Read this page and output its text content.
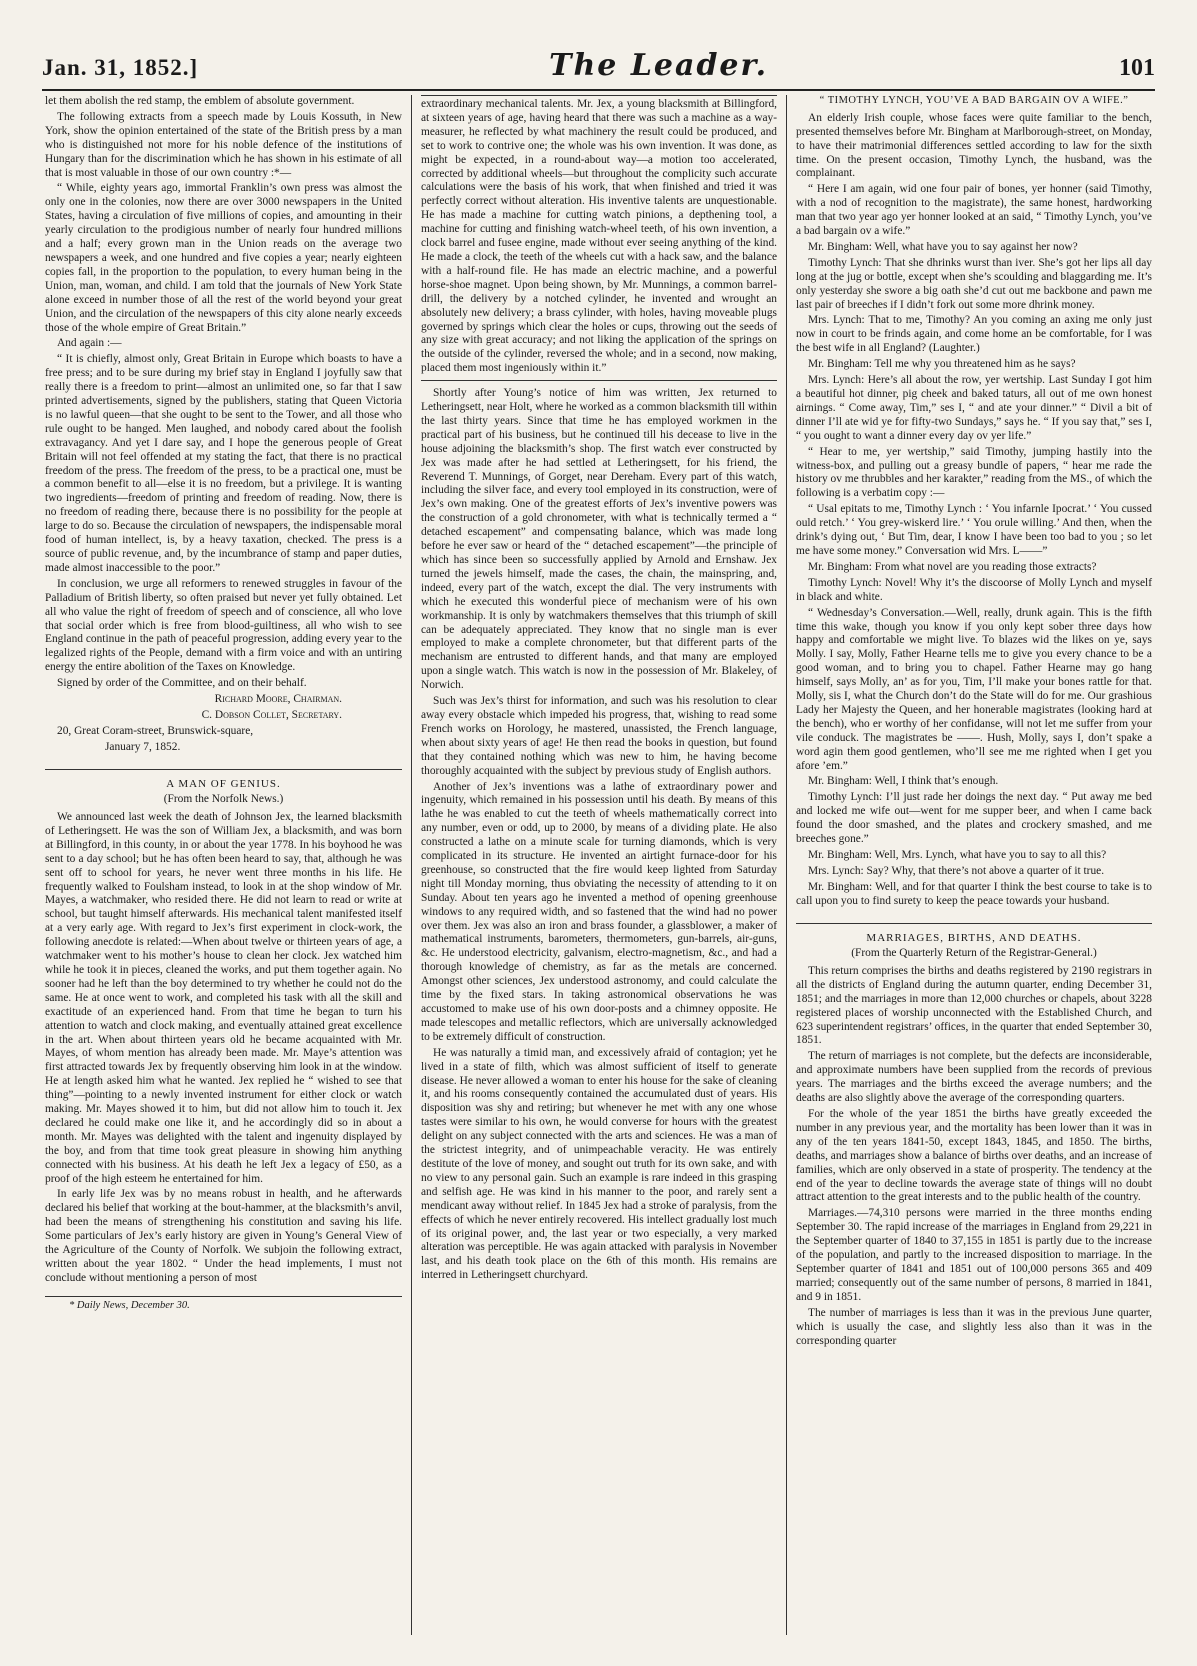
Jan. 31, 1852.]	The Leader.	101

let them abolish the red stamp, the emblem of absolute government.

The following extracts from a speech made by Louis Kossuth, in New York, show the opinion entertained of the state of the British press by a man who is distinguished not more for his noble defence of the institutions of Hungary than for the discrimination which he has shown in his estimate of all that is most valuable in those of our own country :*—

“ While, eighty years ago, immortal Franklin’s own press was almost the only one in the colonies, now there are over 3000 newspapers in the United States, having a circulation of five millions of copies, and amounting in their yearly circulation to the prodigious number of nearly four hundred millions and a half; every grown man in the Union reads on the average two newspapers a week, and one hundred and five copies a year; nearly eighteen copies fall, in the proportion to the population, to every human being in the Union, man, woman, and child. I am told that the journals of New York State alone exceed in number those of all the rest of the world beyond your great Union, and the circulation of the newspapers of this city alone nearly exceeds those of the whole empire of Great Britain.”

And again :—

“ It is chiefly, almost only, Great Britain in Europe which boasts to have a free press; and to be sure during my brief stay in England I joyfully saw that really there is a freedom to print—almost an unlimited one, so far that I saw printed advertisements, signed by the publishers, stating that Queen Victoria is no lawful queen—that she ought to be sent to the Tower, and all those who rule ought to be hanged. Men laughed, and nobody cared about the foolish extravagancy. And yet I dare say, and I hope the generous people of Great Britain will not feel offended at my stating the fact, that there is no practical freedom of the press. The freedom of the press, to be a practical one, must be a common benefit to all—else it is no freedom, but a privilege. It is wanting two ingredients—freedom of printing and freedom of reading. Now, there is no freedom of reading there, because there is no possibility for the people at large to do so. Because the circulation of newspapers, the indispensable moral food of human intellect, is, by a heavy taxation, checked. The press is a source of public revenue, and, by the incumbrance of stamp and paper duties, made almost inaccessible to the poor.”

In conclusion, we urge all reformers to renewed struggles in favour of the Palladium of British liberty, so often praised but never yet fully obtained. Let all who value the right of freedom of speech and of conscience, all who love that social order which is free from blood-guiltiness, all who wish to see England continue in the path of peaceful progression, adding every year to the legalized rights of the People, demand with a firm voice and with an untiring energy the entire abolition of the Taxes on Knowledge.

Signed by order of the Committee, and on their behalf.

Richard Moore, Chairman.

C. Dobson Collet, Secretary.

20, Great Coram-street, Brunswick-square,

January 7, 1852.

A MAN OF GENIUS.

(From the Norfolk News.)

We announced last week the death of Johnson Jex, the learned blacksmith of Letheringsett. He was the son of William Jex, a blacksmith, and was born at Billingford, in this county, in or about the year 1778. In his boyhood he was sent to a day school; but he has often been heard to say, that, although he was sent off to school for years, he never went three months in his life. He frequently walked to Foulsham instead, to look in at the shop window of Mr. Mayes, a watchmaker, who resided there. He did not learn to read or write at school, but taught himself afterwards. His mechanical talent manifested itself at a very early age. With regard to Jex’s first experiment in clock-work, the following anecdote is related:—When about twelve or thirteen years of age, a watchmaker went to his mother’s house to clean her clock. Jex watched him while he took it in pieces, cleaned the works, and put them together again. No sooner had he left than the boy determined to try whether he could not do the same. He at once went to work, and completed his task with all the skill and exactitude of an experienced hand. From that time he began to turn his attention to watch and clock making, and eventually attained great excellence in the art. When about thirteen years old he became acquainted with Mr. Mayes, of whom mention has already been made. Mr. Maye’s attention was first attracted towards Jex by frequently observing him look in at the window. He at length asked him what he wanted. Jex replied he “ wished to see that thing”—pointing to a newly invented instrument for either clock or watch making. Mr. Mayes showed it to him, but did not allow him to touch it. Jex declared he could make one like it, and he accordingly did so in about a month. Mr. Mayes was delighted with the talent and ingenuity displayed by the boy, and from that time took great pleasure in showing him anything connected with his business. At his death he left Jex a legacy of £50, as a proof of the high esteem he entertained for him.

In early life Jex was by no means robust in health, and he afterwards declared his belief that working at the bout-hammer, at the blacksmith’s anvil, had been the means of strengthening his constitution and saving his life. Some particulars of Jex’s early history are given in Young’s General View of the Agriculture of the County of Norfolk. We subjoin the following extract, written about the year 1802. “ Under the head implements, I must not conclude without mentioning a person of most

* Daily News, December 30.

extraordinary mechanical talents. Mr. Jex, a young blacksmith at Billingford, at sixteen years of age, having heard that there was such a machine as a way-measurer, he reflected by what machinery the result could be produced, and set to work to contrive one; the whole was his own invention. It was done, as might be expected, in a round-about way—a motion too accelerated, corrected by additional wheels—but throughout the complicity such accurate calculations were the basis of his work, that when finished and tried it was perfectly correct without alteration. His inventive talents are unquestionable. He has made a machine for cutting watch pinions, a depthening tool, a machine for cutting and finishing watch-wheel teeth, of his own invention, a clock barrel and fusee engine, made without ever seeing anything of the kind. He made a clock, the teeth of the wheels cut with a hack saw, and the balance with a half-round file. He has made an electric machine, and a powerful horse-shoe magnet. Upon being shown, by Mr. Munnings, a common barrel-drill, the delivery by a notched cylinder, he invented and wrought an absolutely new delivery; a brass cylinder, with holes, having moveable plugs governed by springs which clear the holes or cups, throwing out the seeds of any size with great accuracy; and not liking the application of the springs on the outside of the cylinder, reversed the whole; and in a second, now making, placed them most ingeniously within it.”

Shortly after Young’s notice of him was written, Jex returned to Letheringsett, near Holt, where he worked as a common blacksmith till within the last thirty years. Since that time he has employed workmen in the practical part of his business, but he continued till his decease to live in the house adjoining the blacksmith’s shop. The first watch ever constructed by Jex was made after he had settled at Letheringsett, for his friend, the Reverend T. Munnings, of Gorget, near Dereham. Every part of this watch, including the silver face, and every tool employed in its construction, were of Jex’s own making. One of the greatest efforts of Jex’s inventive powers was the construction of a gold chronometer, with what is technically termed a “ detached escapement” and compensating balance, which was made long before he ever saw or heard of the “ detached escapement”—the principle of which has since been so successfully applied by Arnold and Ernshaw. Jex turned the jewels himself, made the cases, the chain, the mainspring, and, indeed, every part of the watch, except the dial. The very instruments with which he executed this wonderful piece of mechanism were of his own workmanship. It is only by watchmakers themselves that this triumph of skill can be adequately appreciated. They know that no single man is ever employed to make a complete chronometer, but that different parts of the mechanism are entrusted to different hands, and that many are employed upon a single watch. This watch is now in the possession of Mr. Blakeley, of Norwich.

Such was Jex’s thirst for information, and such was his resolution to clear away every obstacle which impeded his progress, that, wishing to read some French works on Horology, he mastered, unassisted, the French language, when about sixty years of age! He then read the books in question, but found that they contained nothing which was new to him, he having become thoroughly acquainted with the subject by previous study of English authors.

Another of Jex’s inventions was a lathe of extraordinary power and ingenuity, which remained in his possession until his death. By means of this lathe he was enabled to cut the teeth of wheels mathematically correct into any number, even or odd, up to 2000, by means of a dividing plate. He also constructed a lathe on a minute scale for turning diamonds, which is very complicated in its structure. He invented an airtight furnace-door for his greenhouse, so constructed that the fire would keep lighted from Saturday night till Monday morning, thus obviating the necessity of attending to it on Sunday. About ten years ago he invented a method of opening greenhouse windows to any required width, and so fastened that the wind had no power over them. Jex was also an iron and brass founder, a glassblower, a maker of mathematical instruments, barometers, thermometers, gun-barrels, air-guns, &c. He understood electricity, galvanism, electro-magnetism, &c., and had a thorough knowledge of chemistry, as far as the metals are concerned. Amongst other sciences, Jex understood astronomy, and could calculate the time by the fixed stars. In taking astronomical observations he was accustomed to make use of his own door-posts and a chimney opposite. He made telescopes and metallic reflectors, which are universally acknowledged to be extremely difficult of construction.

He was naturally a timid man, and excessively afraid of contagion; yet he lived in a state of filth, which was almost sufficient of itself to generate disease. He never allowed a woman to enter his house for the sake of cleaning it, and his rooms consequently contained the accumulated dust of years. His disposition was shy and retiring; but whenever he met with any one whose tastes were similar to his own, he would converse for hours with the greatest delight on any subject connected with the arts and sciences. He was a man of the strictest integrity, and of unimpeachable veracity. He was entirely destitute of the love of money, and sought out truth for its own sake, and with no view to any personal gain. Such an example is rare indeed in this grasping and selfish age. He was kind in his manner to the poor, and rarely sent a mendicant away without relief. In 1845 Jex had a stroke of paralysis, from the effects of which he never entirely recovered. His intellect gradually lost much of its original power, and, the last year or two especially, a very marked alteration was perceptible. He was again attacked with paralysis in November last, and his death took place on the 6th of this month. His remains are interred in Letheringsett churchyard.

“ TIMOTHY LYNCH, YOU’VE A BAD BARGAIN OV A WIFE.”

An elderly Irish couple, whose faces were quite familiar to the bench, presented themselves before Mr. Bingham at Marlborough-street, on Monday, to have their matrimonial differences settled according to law for the sixth time. On the present occasion, Timothy Lynch, the husband, was the complainant.

“ Here I am again, wid one four pair of bones, yer honner (said Timothy, with a nod of recognition to the magistrate), the same honest, hardworking man that two year ago yer honner looked at an said, “ Timothy Lynch, you’ve a bad bargain ov a wife.”

Mr. Bingham: Well, what have you to say against her now?

Timothy Lynch: That she dhrinks wurst than iver. She’s got her lips all day long at the jug or bottle, except when she’s scoulding and blaggarding me. It’s only yesterday she swore a big oath she’d cut out me backbone and pawn me last pair of breeches if I didn’t fork out some more dhrink money.

Mrs. Lynch: That to me, Timothy? An you coming an axing me only just now in court to be frinds again, and come home an be comfortable, for I was the best wife in all England? (Laughter.)

Mr. Bingham: Tell me why you threatened him as he says?

Mrs. Lynch: Here’s all about the row, yer wertship. Last Sunday I got him a beautiful hot dinner, pig cheek and baked taturs, all out of me own honest airnings. “ Come away, Tim,” ses I, “ and ate your dinner.” “ Divil a bit of dinner I’ll ate wid ye for fifty-two Sundays,” says he. “ If you say that,” ses I, “ you ought to want a dinner every day ov yer life.”

“ Hear to me, yer wertship,” said Timothy, jumping hastily into the witness-box, and pulling out a greasy bundle of papers, “ hear me rade the history ov me thrubbles and her karakter,” reading from the MS., of which the following is a verbatim copy :—

“ Usal epitats to me, Timothy Lynch : ‘ You infarnle Ipocrat.’ ‘ You cussed ould retch.’ ‘ You grey-wiskerd lire.’ ‘ You orule willing.’ And then, when the drink’s dying out, ‘ But Tim, dear, I know I have been too bad to you ; so let me have some money.” Conversation wid Mrs. L——”

Mr. Bingham: From what novel are you reading those extracts?

Timothy Lynch: Novel! Why it’s the discoorse of Molly Lynch and myself in black and white.

“ Wednesday’s Conversation.—Well, really, drunk again. This is the fifth time this wake, though you know if you only kept sober three days how happy and comfortable we might live. To blazes wid the likes on ye, says Molly. I say, Molly, Father Hearne tells me to give you every chance to be a good woman, and to bring you to chapel. Father Hearne may go hang himself, says Molly, an’ as for you, Tim, I’ll make your bones rattle for that. Molly, sis I, what the Church don’t do the State will do for me. Our grashious Lady her Majesty the Queen, and her honerable magistrates (looking hard at the bench), who er worthy of her confidanse, will not let me suffer from your vile conduck. The magistrates be ——. Hush, Molly, says I, don’t spake a word agin them good gentlemen, who’ll see me me righted when I get you afore ’em.”

Mr. Bingham: Well, I think that’s enough.

Timothy Lynch: I’ll just rade her doings the next day. “ Put away me bed and locked me wife out—went for me supper beer, and when I came back found the door smashed, and the plates and crockery smashed, and me breeches gone.”

Mr. Bingham: Well, Mrs. Lynch, what have you to say to all this?

Mrs. Lynch: Say? Why, that there’s not above a quarter of it true.

Mr. Bingham: Well, and for that quarter I think the best course to take is to call upon you to find surety to keep the peace towards your husband.

MARRIAGES, BIRTHS, AND DEATHS.

(From the Quarterly Return of the Registrar-General.)

This return comprises the births and deaths registered by 2190 registrars in all the districts of England during the autumn quarter, ending December 31, 1851; and the marriages in more than 12,000 churches or chapels, about 3228 registered places of worship unconnected with the Established Church, and 623 superintendent registrars’ offices, in the quarter that ended September 30, 1851.

The return of marriages is not complete, but the defects are inconsiderable, and approximate numbers have been supplied from the records of previous years. The marriages and the births exceed the average numbers; and the deaths are also slightly above the average of the corresponding quarters.

For the whole of the year 1851 the births have greatly exceeded the number in any previous year, and the mortality has been lower than it was in any of the ten years 1841-50, except 1843, 1845, and 1850. The births, deaths, and marriages show a balance of births over deaths, and an increase of families, which are only observed in a state of prosperity. The tendency at the end of the year to decline towards the average state of things will no doubt attract attention to the great interests and to the public health of the country.

Marriages.—74,310 persons were married in the three months ending September 30. The rapid increase of the marriages in England from 29,221 in the September quarter of 1840 to 37,155 in 1851 is partly due to the increase of the population, and partly to the increased disposition to marriage. In the September quarter of 1841 and 1851 out of 100,000 persons 365 and 409 married; consequently out of the same number of persons, 8 married in 1841, and 9 in 1851.

The number of marriages is less than it was in the previous June quarter, which is usually the case, and slightly less also than it was in the corresponding quarter
